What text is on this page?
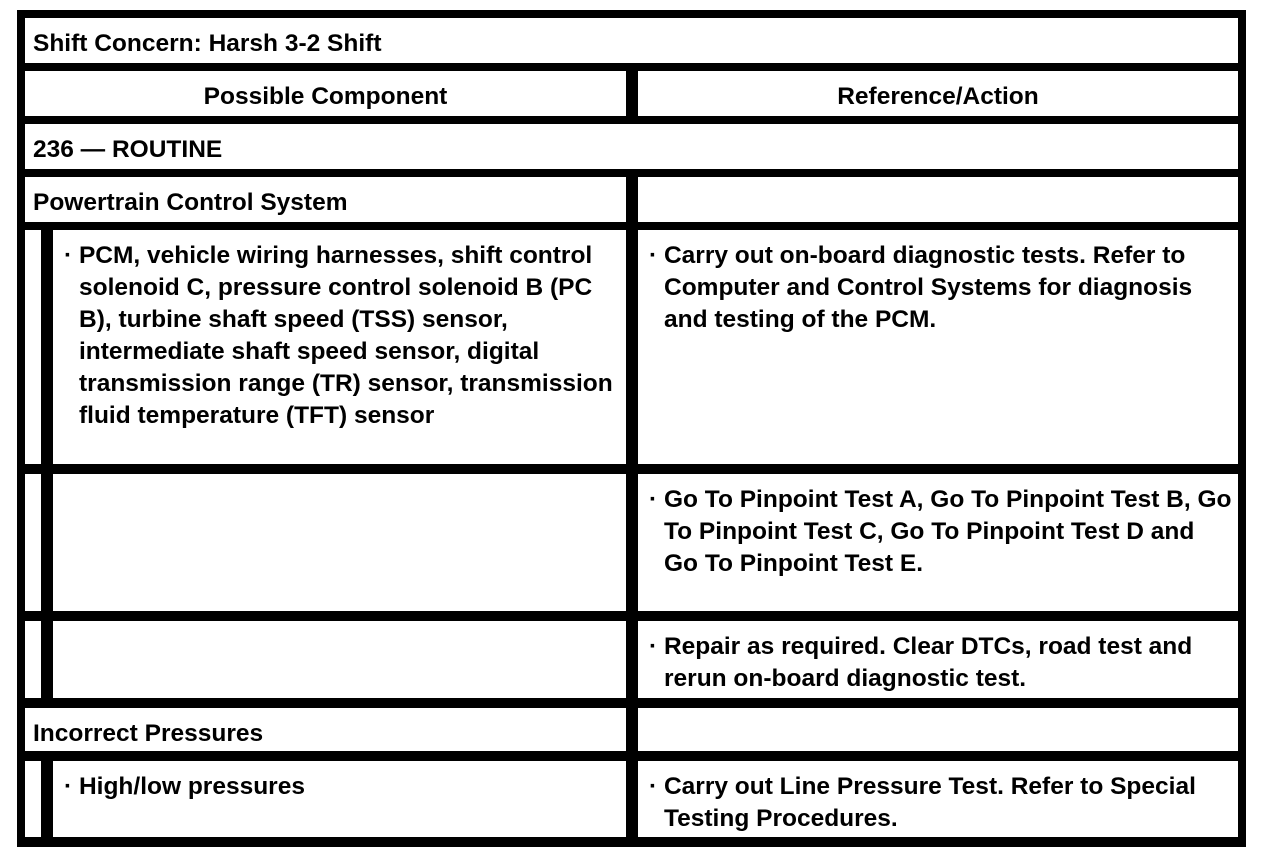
Shift Concern: Harsh 3-2 Shift
Possible Component	Reference/Action
236 — ROUTINE
Powertrain Control System
· PCM, vehicle wiring harnesses, shift control solenoid C, pressure control solenoid B (PC B), turbine shaft speed (TSS) sensor, intermediate shaft speed sensor, digital transmission range (TR) sensor, transmission fluid temperature (TFT) sensor
· Carry out on-board diagnostic tests. Refer to Computer and Control Systems for diagnosis and testing of the PCM.
· Go To Pinpoint Test A, Go To Pinpoint Test B, Go To Pinpoint Test C, Go To Pinpoint Test D and Go To Pinpoint Test E.
· Repair as required. Clear DTCs, road test and rerun on-board diagnostic test.
Incorrect Pressures
· High/low pressures	· Carry out Line Pressure Test. Refer to Special Testing Procedures.
